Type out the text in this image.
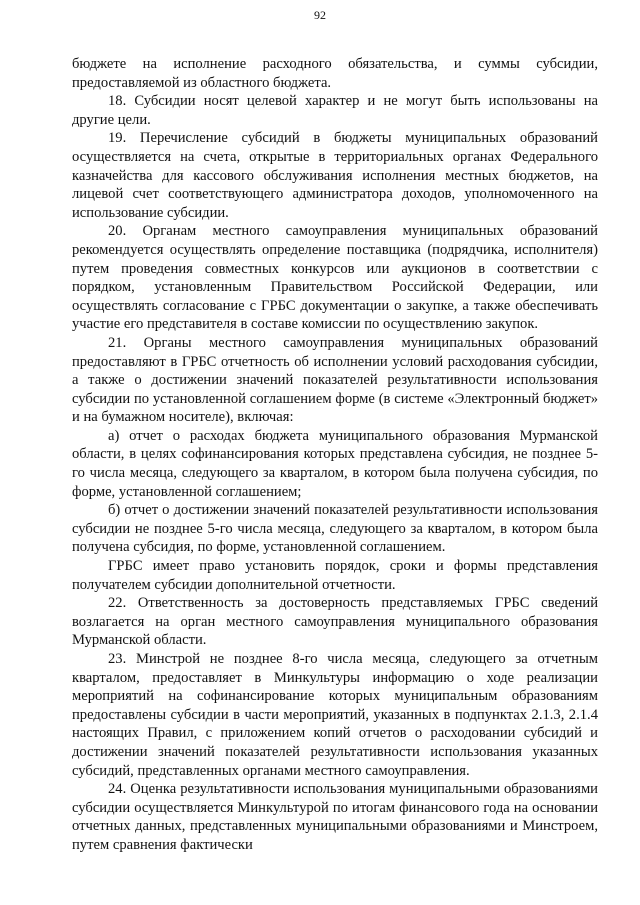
92

бюджете на исполнение расходного обязательства, и суммы субсидии, предоставляемой из областного бюджета.

18. Субсидии носят целевой характер и не могут быть использованы на другие цели.

19. Перечисление субсидий в бюджеты муниципальных образований осуществляется на счета, открытые в территориальных органах Федерального казначейства для кассового обслуживания исполнения местных бюджетов, на лицевой счет соответствующего администратора доходов, уполномоченного на использование субсидии.

20. Органам местного самоуправления муниципальных образований рекомендуется осуществлять определение поставщика (подрядчика, исполнителя) путем проведения совместных конкурсов или аукционов в соответствии с порядком, установленным Правительством Российской Федерации, или осуществлять согласование с ГРБС документации о закупке, а также обеспечивать участие его представителя в составе комиссии по осуществлению закупок.

21. Органы местного самоуправления муниципальных образований предоставляют в ГРБС отчетность об исполнении условий расходования субсидии, а также о достижении значений показателей результативности использования субсидии по установленной соглашением форме (в системе «Электронный бюджет» и на бумажном носителе), включая:

а) отчет о расходах бюджета муниципального образования Мурманской области, в целях софинансирования которых представлена субсидия, не позднее 5-го числа месяца, следующего за кварталом, в котором была получена субсидия, по форме, установленной соглашением;

б) отчет о достижении значений показателей результативности использования субсидии не позднее 5-го числа месяца, следующего за кварталом, в котором была получена субсидия, по форме, установленной соглашением.

ГРБС имеет право установить порядок, сроки и формы представления получателем субсидии дополнительной отчетности.

22. Ответственность за достоверность представляемых ГРБС сведений возлагается на орган местного самоуправления муниципального образования Мурманской области.

23. Минстрой не позднее 8-го числа месяца, следующего за отчетным кварталом, предоставляет в Минкультуры информацию о ходе реализации мероприятий на софинансирование которых муниципальным образованиям предоставлены субсидии в части мероприятий, указанных в подпунктах 2.1.3, 2.1.4 настоящих Правил, с приложением копий отчетов о расходовании субсидий и достижении значений показателей результативности использования указанных субсидий, представленных органами местного самоуправления.

24. Оценка результативности использования муниципальными образованиями субсидии осуществляется Минкультурой по итогам финансового года на основании отчетных данных, представленных муниципальными образованиями и Минстроем, путем сравнения фактически
